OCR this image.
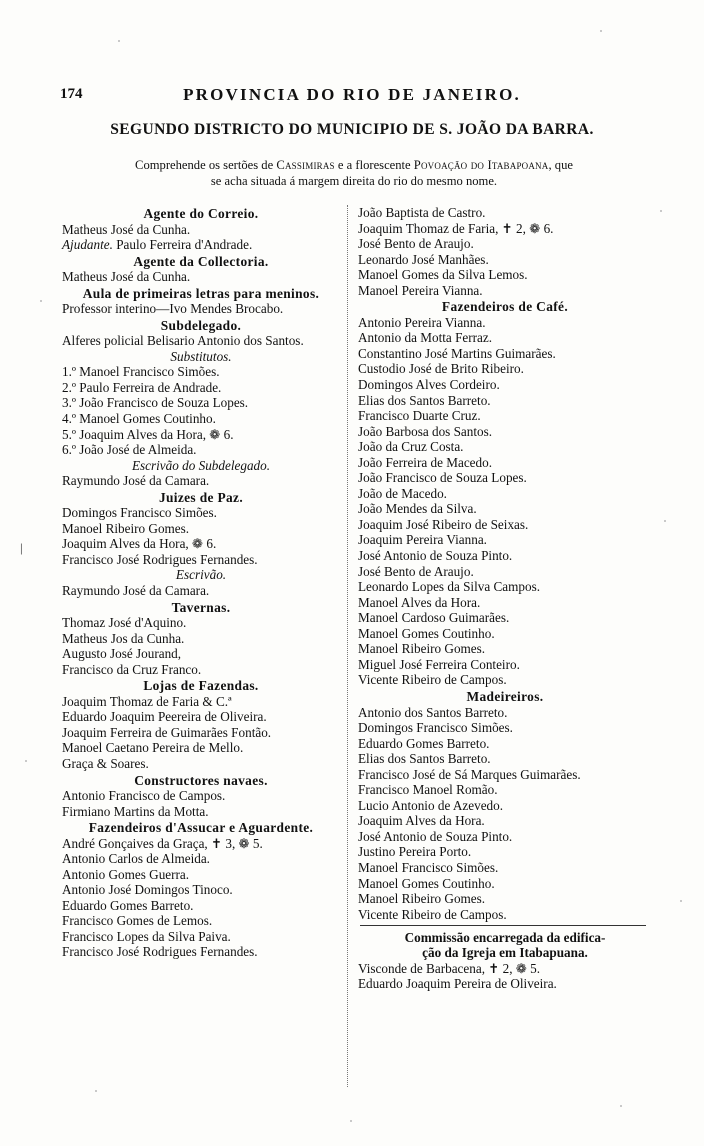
174	PROVINCIA DO RIO DE JANEIRO.
SEGUNDO DISTRICTO DO MUNICIPIO DE S. JOÃO DA BARRA.
Comprehende os sertões de Cassimiras e a florescente Povoação do Itabapoana, que
se acha situada á margem direita do rio do mesmo nome.
|
Agente do Correio.
Matheus José da Cunha.
Ajudante. Paulo Ferreira d'Andrade.
Agente da Collectoria.
Matheus José da Cunha.
Aula de primeiras letras para meninos.
Professor interino—Ivo Mendes Brocabo.
Subdelegado.
Alferes policial Belisario Antonio dos Santos.
Substitutos.
1.º Manoel Francisco Simões.
2.º Paulo Ferreira de Andrade.
3.º João Francisco de Souza Lopes.
4.º Manoel Gomes Coutinho.
5.º Joaquim Alves da Hora, ❁ 6.
6.º João José de Almeida.
Escrivão do Subdelegado.
Raymundo José da Camara.
Juizes de Paz.
Domingos Francisco Simões.
Manoel Ribeiro Gomes.
Joaquim Alves da Hora, ❁ 6.
Francisco José Rodrigues Fernandes.
Escrivão.
Raymundo José da Camara.
Tavernas.
Thomaz José d'Aquino.
Matheus Jos da Cunha.
Augusto José Jourand,
Francisco da Cruz Franco.
Lojas de Fazendas.
Joaquim Thomaz de Faria & C.ª
Eduardo Joaquim Peereira de Oliveira.
Joaquim Ferreira de Guimarães Fontão.
Manoel Caetano Pereira de Mello.
Graça & Soares.
Constructores navaes.
Antonio Francisco de Campos.
Firmiano Martins da Motta.
Fazendeiros d'Assucar e Aguardente.
André Gonçaives da Graça, ✝ 3, ❁ 5.
Antonio Carlos de Almeida.
Antonio Gomes Guerra.
Antonio José Domingos Tinoco.
Eduardo Gomes Barreto.
Francisco Gomes de Lemos.
Francisco Lopes da Silva Paiva.
Francisco José Rodrigues Fernandes.
João Baptista de Castro.
Joaquim Thomaz de Faria, ✝ 2, ❁ 6.
José Bento de Araujo.
Leonardo José Manhães.
Manoel Gomes da Silva Lemos.
Manoel Pereira Vianna.
Fazendeiros de Café.
Antonio Pereira Vianna.
Antonio da Motta Ferraz.
Constantino José Martins Guimarães.
Custodio José de Brito Ribeiro.
Domingos Alves Cordeiro.
Elias dos Santos Barreto.
Francisco Duarte Cruz.
João Barbosa dos Santos.
João da Cruz Costa.
João Ferreira de Macedo.
João Francisco de Souza Lopes.
João de Macedo.
João Mendes da Silva.
Joaquim José Ribeiro de Seixas.
Joaquim Pereira Vianna.
José Antonio de Souza Pinto.
José Bento de Araujo.
Leonardo Lopes da Silva Campos.
Manoel Alves da Hora.
Manoel Cardoso Guimarães.
Manoel Gomes Coutinho.
Manoel Ribeiro Gomes.
Miguel José Ferreira Conteiro.
Vicente Ribeiro de Campos.
Madeireiros.
Antonio dos Santos Barreto.
Domingos Francisco Simões.
Eduardo Gomes Barreto.
Elias dos Santos Barreto.
Francisco José de Sá Marques Guimarães.
Francisco Manoel Romão.
Lucio Antonio de Azevedo.
Joaquim Alves da Hora.
José Antonio de Souza Pinto.
Justino Pereira Porto.
Manoel Francisco Simões.
Manoel Gomes Coutinho.
Manoel Ribeiro Gomes.
Vicente Ribeiro de Campos.
Commissão encarregada da edifica-
ção da Igreja em Itabapuana.
Visconde de Barbacena, ✝ 2, ❁ 5.
Eduardo Joaquim Pereira de Oliveira.
